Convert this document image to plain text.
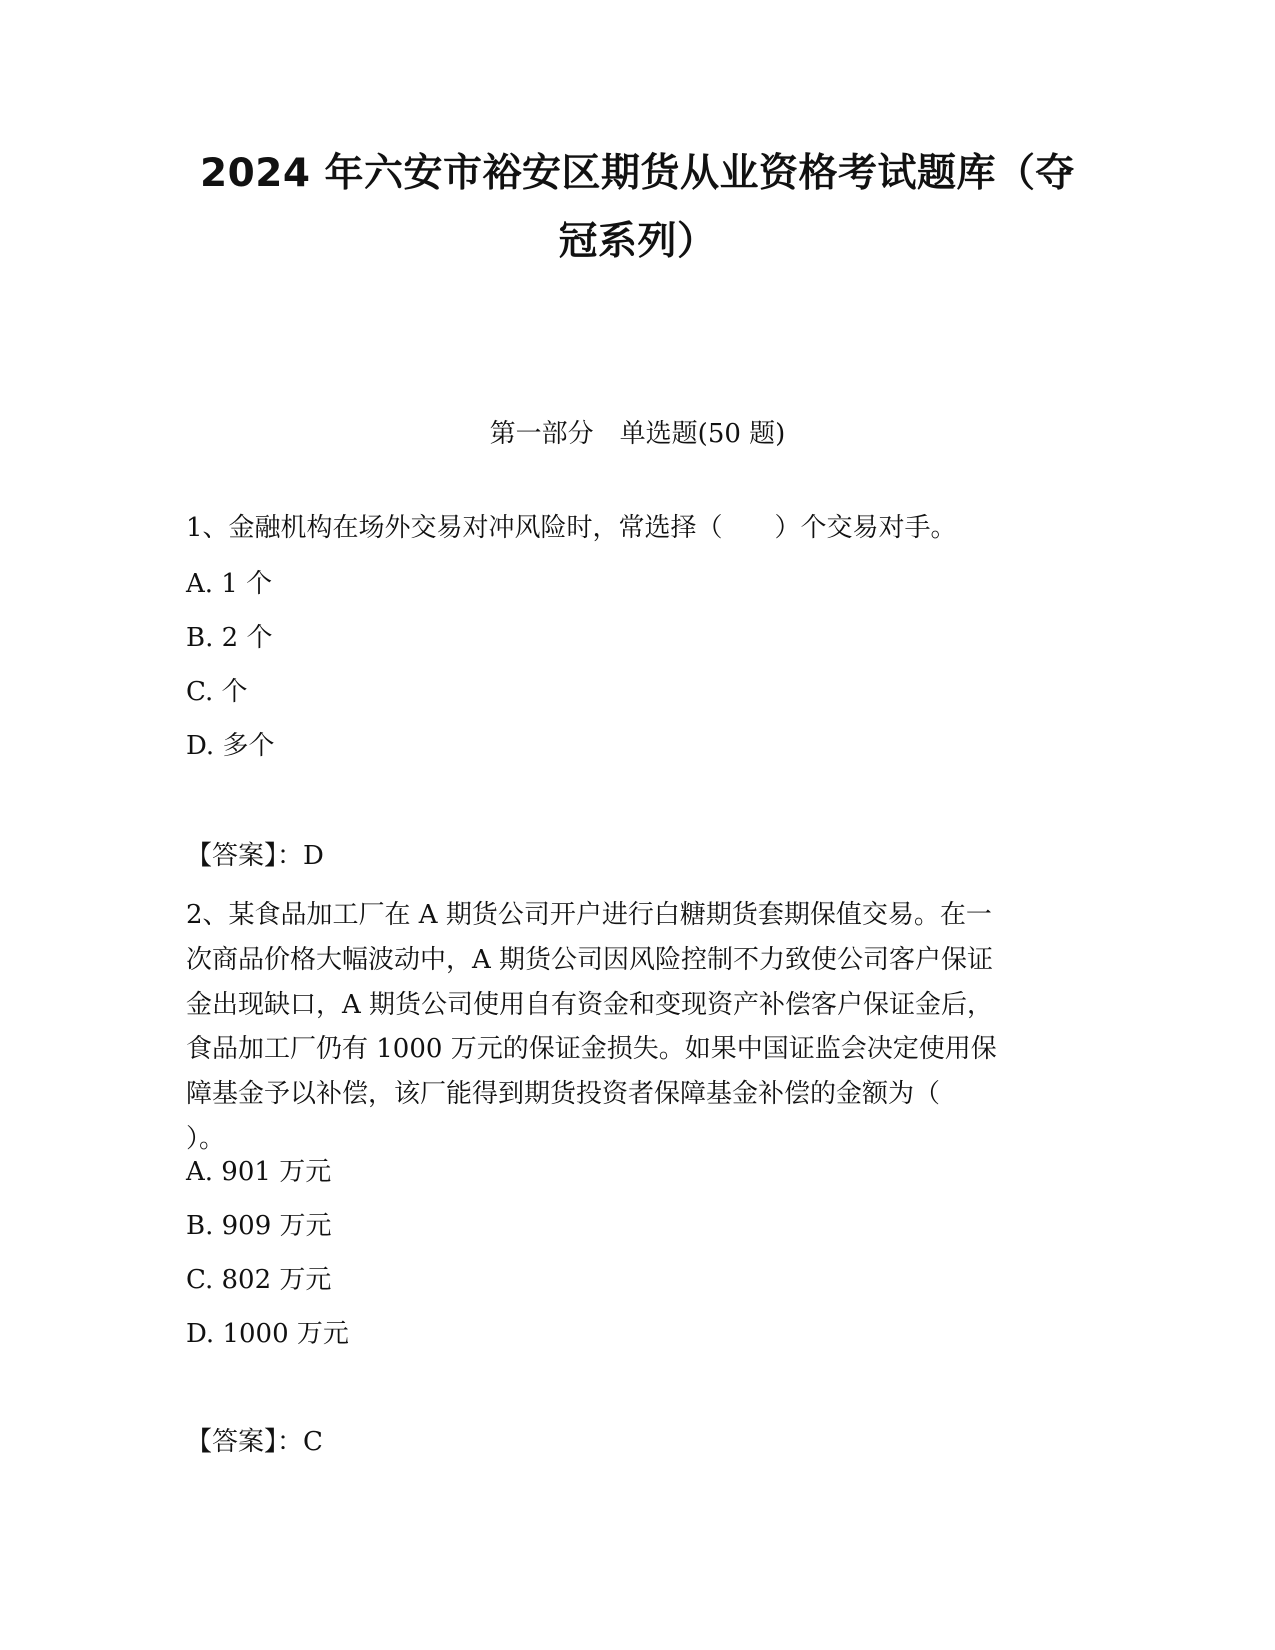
2024 年六安市裕安区期货从业资格考试题库（夺
冠系列）
第一部分　单选题(50 题)
1、金融机构在场外交易对冲风险时，常选择（　　）个交易对手。
A. 1 个
B. 2 个
C. 个
D. 多个
【答案】：D
2、某食品加工厂在 A 期货公司开户进行白糖期货套期保值交易。在一
次商品价格大幅波动中，A 期货公司因风险控制不力致使公司客户保证
金出现缺口，A 期货公司使用自有资金和变现资产补偿客户保证金后，
食品加工厂仍有 1000 万元的保证金损失。如果中国证监会决定使用保
障基金予以补偿，该厂能得到期货投资者保障基金补偿的金额为（
）。
A. 901 万元
B. 909 万元
C. 802 万元
D. 1000 万元
【答案】：C
